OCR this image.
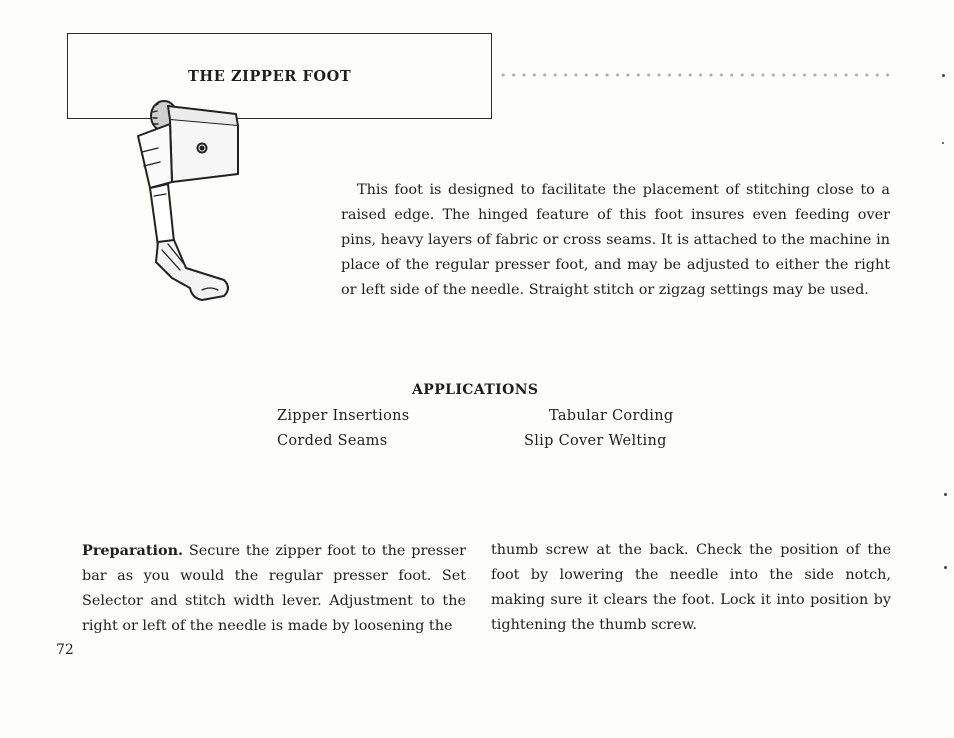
THE ZIPPER FOOT

This foot is designed to facilitate the placement of stitching close to a raised edge. The hinged feature of this foot insures even feeding over pins, heavy layers of fabric or cross seams. It is attached to the machine in place of the regular presser foot, and may be adjusted to either the right or left side of the needle. Straight stitch or zigzag settings may be used.

APPLICATIONS
Zipper Insertions	Tabular Cording
Corded Seams	Slip Cover Welting

Preparation. Secure the zipper foot to the presser bar as you would the regular presser foot. Set Selector and stitch width lever. Adjustment to the right or left of the needle is made by loosening the

thumb screw at the back. Check the position of the foot by lowering the needle into the side notch, making sure it clears the foot. Lock it into position by tightening the thumb screw.

72
